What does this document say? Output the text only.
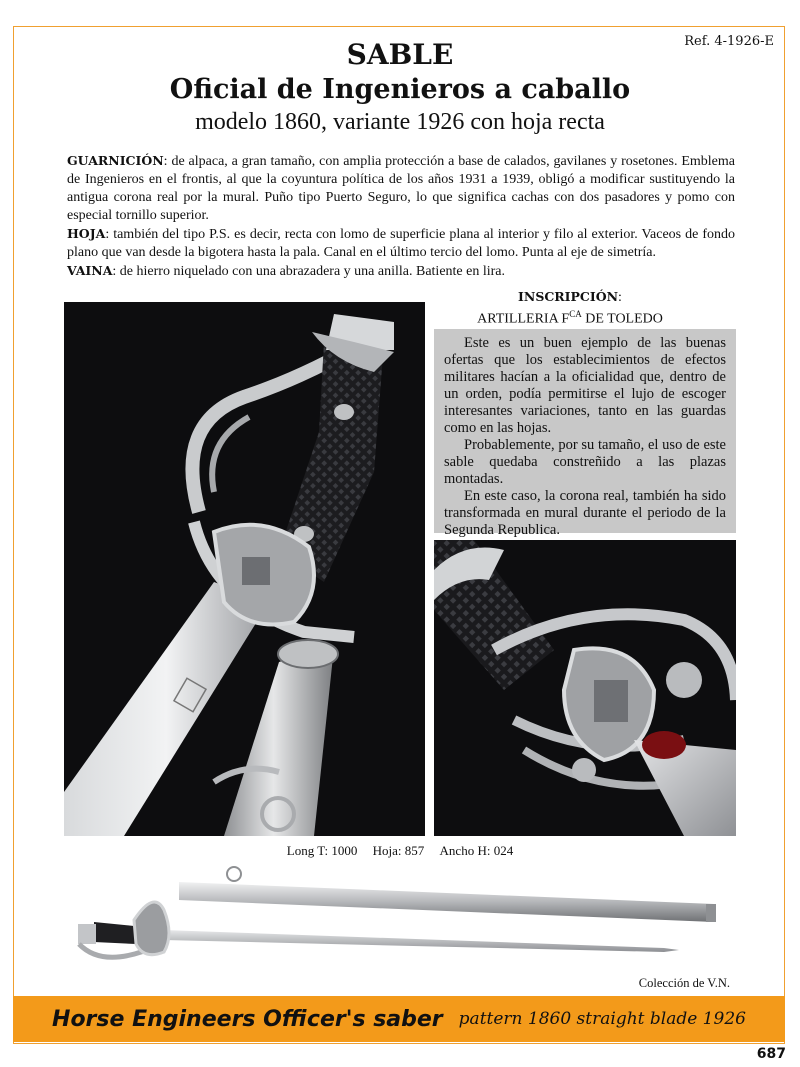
Ref. 4-1926-E
SABLE
Oficial de Ingenieros a caballo
modelo 1860, variante 1926 con hoja recta
GUARNICIÓN: de alpaca, a gran tamaño, con amplia protección a base de calados, gavilanes y rosetones. Emblema de Ingenieros en el frontis, al que la coyuntura política de los años 1931 a 1939, obligó a modificar sustituyendo la antigua corona real por la mural. Puño tipo Puerto Seguro, lo que significa cachas con dos pasadores y pomo con especial tornillo superior.
HOJA: también del tipo P.S. es decir, recta con lomo de superficie plana al interior y filo al exterior. Vaceos de fondo plano que van desde la bigotera hasta la pala. Canal en el último tercio del lomo. Punta al eje de simetría.
VAINA: de hierro niquelado con una abrazadera y una anilla. Batiente en lira.
INSCRIPCIÓN:
ARTILLERIA $F^{CA}$ DE TOLEDO

Este es un buen ejemplo de las buenas ofertas que los establecimientos de efectos militares hacían a la oficialidad que, dentro de un orden, podía permitirse el lujo de escoger interesantes variaciones, tanto en las guardas como en las hojas.

Probablemente, por su tamaño, el uso de este sable quedaba constreñido a las plazas montadas.

En este caso, la corona real, también ha sido transformada en mural durante el periodo de la Segunda Republica.

Long T: 1000 Hoja: 857 Ancho H: 024
Colección de V.N.
Horse Engineers Officer's saber pattern 1860 straight blade 1926
687
